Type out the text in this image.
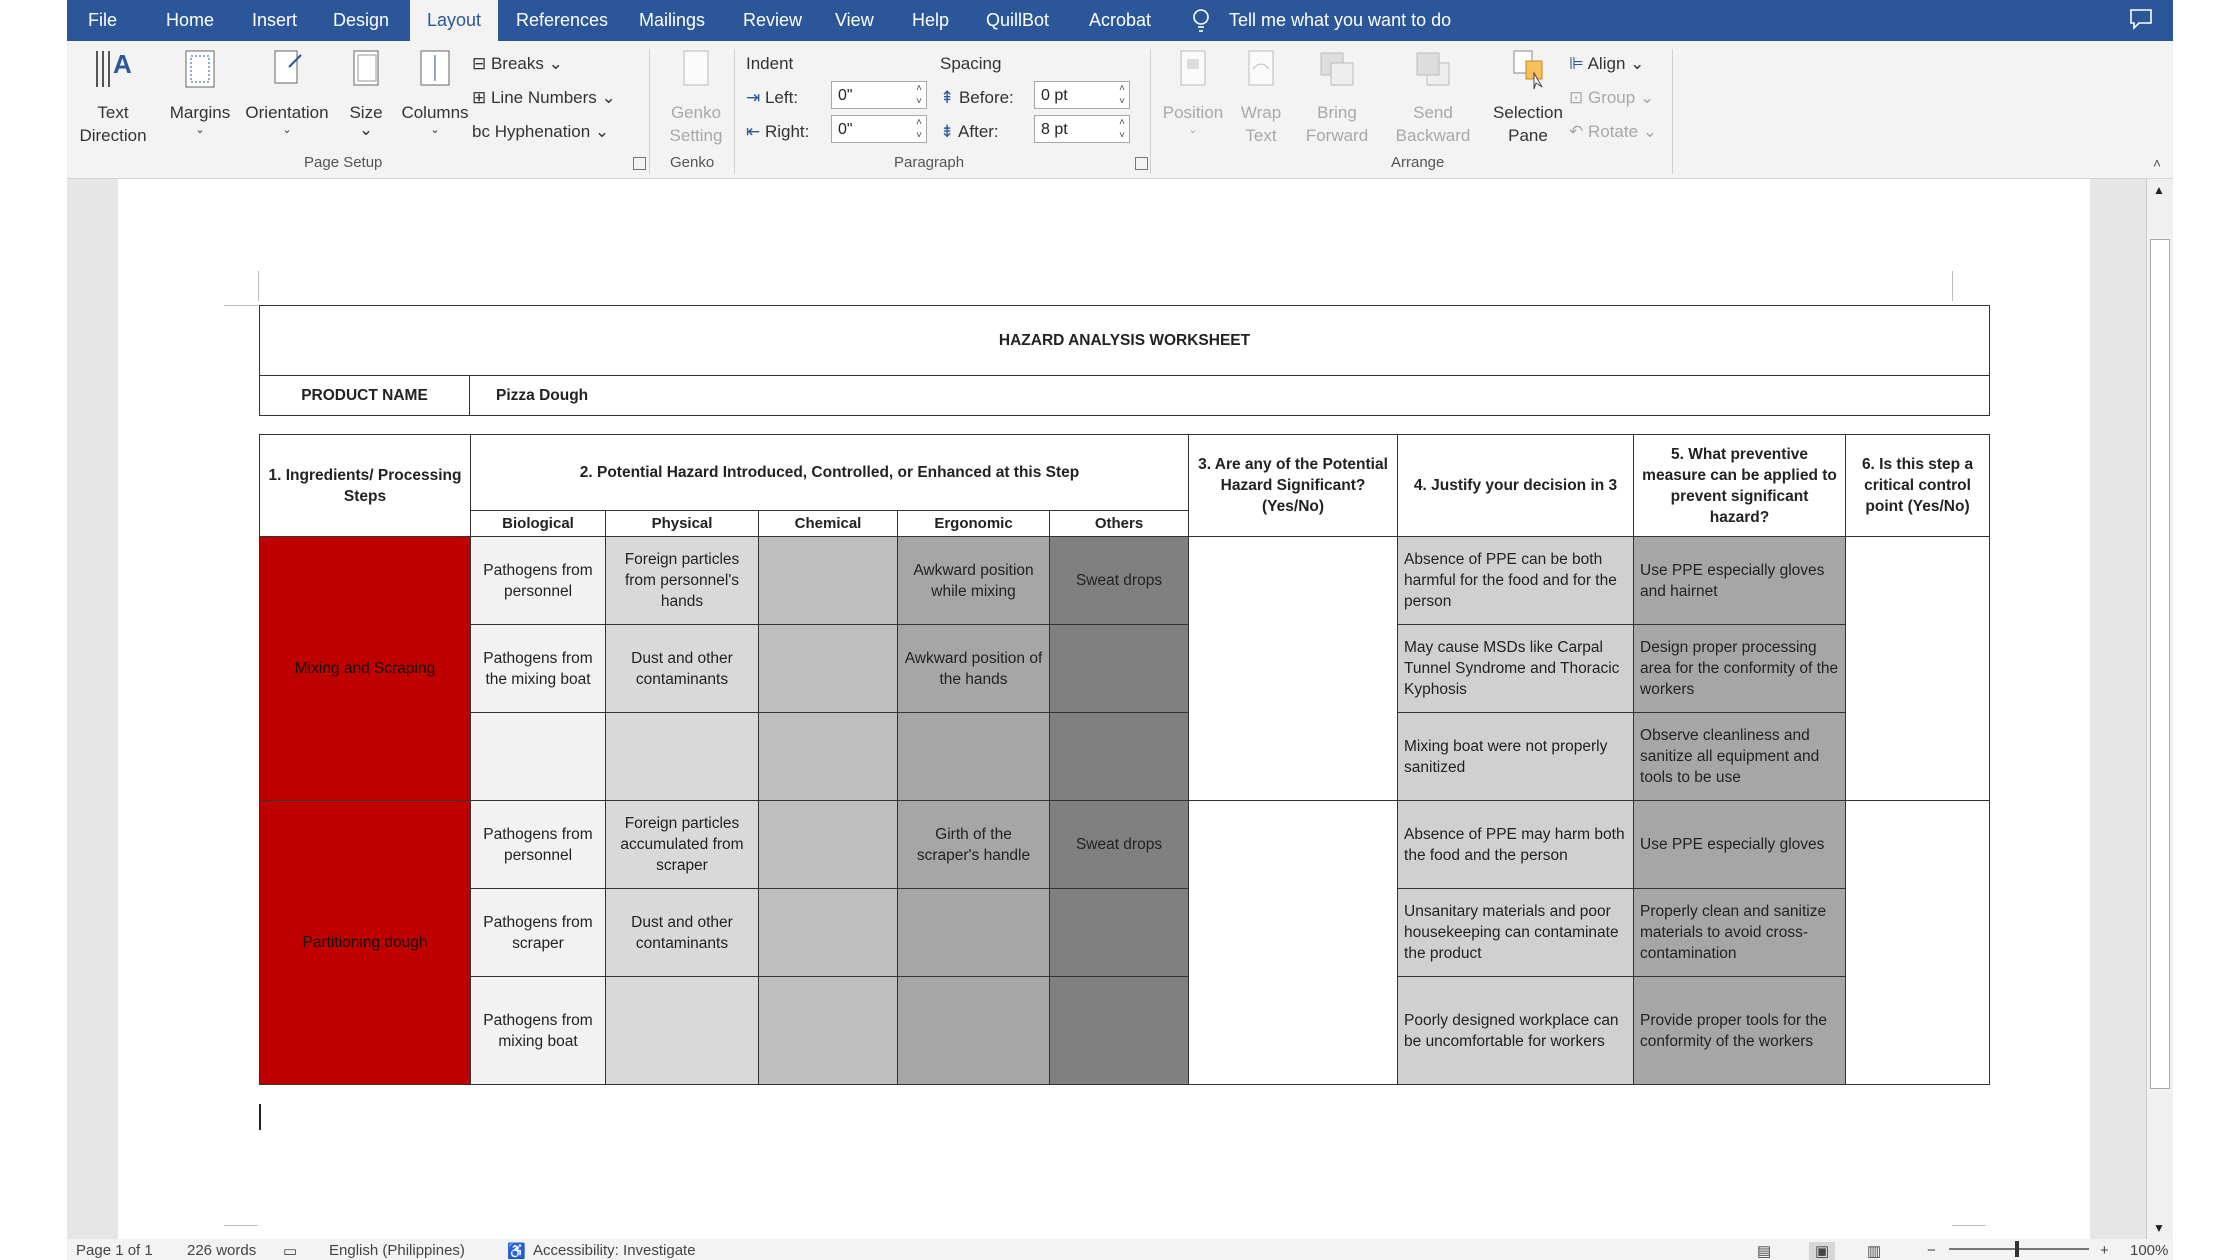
File	Home Insert Design	Layout	References Mailings Review View Help QuillBot Acrobat	Tell me what you want to do
A
Text Direction
Margins
⌄
Orientation
⌄
Size
⌄
Columns
⌄
⊟ Breaks ⌄
⊞ Line Numbers ⌄
bc Hyphenation ⌄
Page Setup
Genko Setting
Genko
Indent	Spacing
⇥ Left:	0"	˄
˅
⇤ Right:	0"	˄
˅
⇞ Before:	0 pt	˄
˅
⇟ After:	8 pt	˄
˅
Paragraph
Position
⌄
Wrap Text
Bring Forward
Send Backward
Selection Pane
⊫ Align ⌄
⊡ Group ⌄
↶ Rotate ⌄
Arrange	˄
HAZARD ANALYSIS WORKSHEET
PRODUCT NAME	Pizza Dough
1. Ingredients/ Processing Steps	2. Potential Hazard Introduced, Controlled, or Enhanced at this Step					3. Are any of the Potential Hazard Significant? (Yes/No)	4. Justify your decision in 3	5. What preventive measure can be applied to prevent significant hazard?	6. Is this step a critical control point (Yes/No)
	Biological	Physical	Chemical	Ergonomic	Others				
Mixing and Scraping	Pathogens from personnel	Foreign particles from personnel's hands		Awkward position while mixing	Sweat drops		Absence of PPE can be both harmful for the food and for the person	Use PPE especially gloves and hairnet	
	Pathogens from the mixing boat	Dust and other contaminants		Awkward position of the hands			May cause MSDs like Carpal Tunnel Syndrome and Thoracic Kyphosis	Design proper processing area for the conformity of the workers	
							Mixing boat were not properly sanitized	Observe cleanliness and sanitize all equipment and tools to be use	
Partitioning dough	Pathogens from personnel	Foreign particles accumulated from scraper		Girth of the scraper's handle	Sweat drops		Absence of PPE may harm both the food and the person	Use PPE especially gloves	
	Pathogens from scraper	Dust and other contaminants					Unsanitary materials and poor housekeeping can contaminate the product	Properly clean and sanitize materials to avoid cross-contamination	
	Pathogens from mixing boat						Poorly designed workplace can be uncomfortable for workers	Provide proper tools for the conformity of the workers	
▲
▼
Page 1 of 1 226 words ▭ English (Philippines)	♿ Accessibility: Investigate	▤	▣	▥	−	+ 100%
